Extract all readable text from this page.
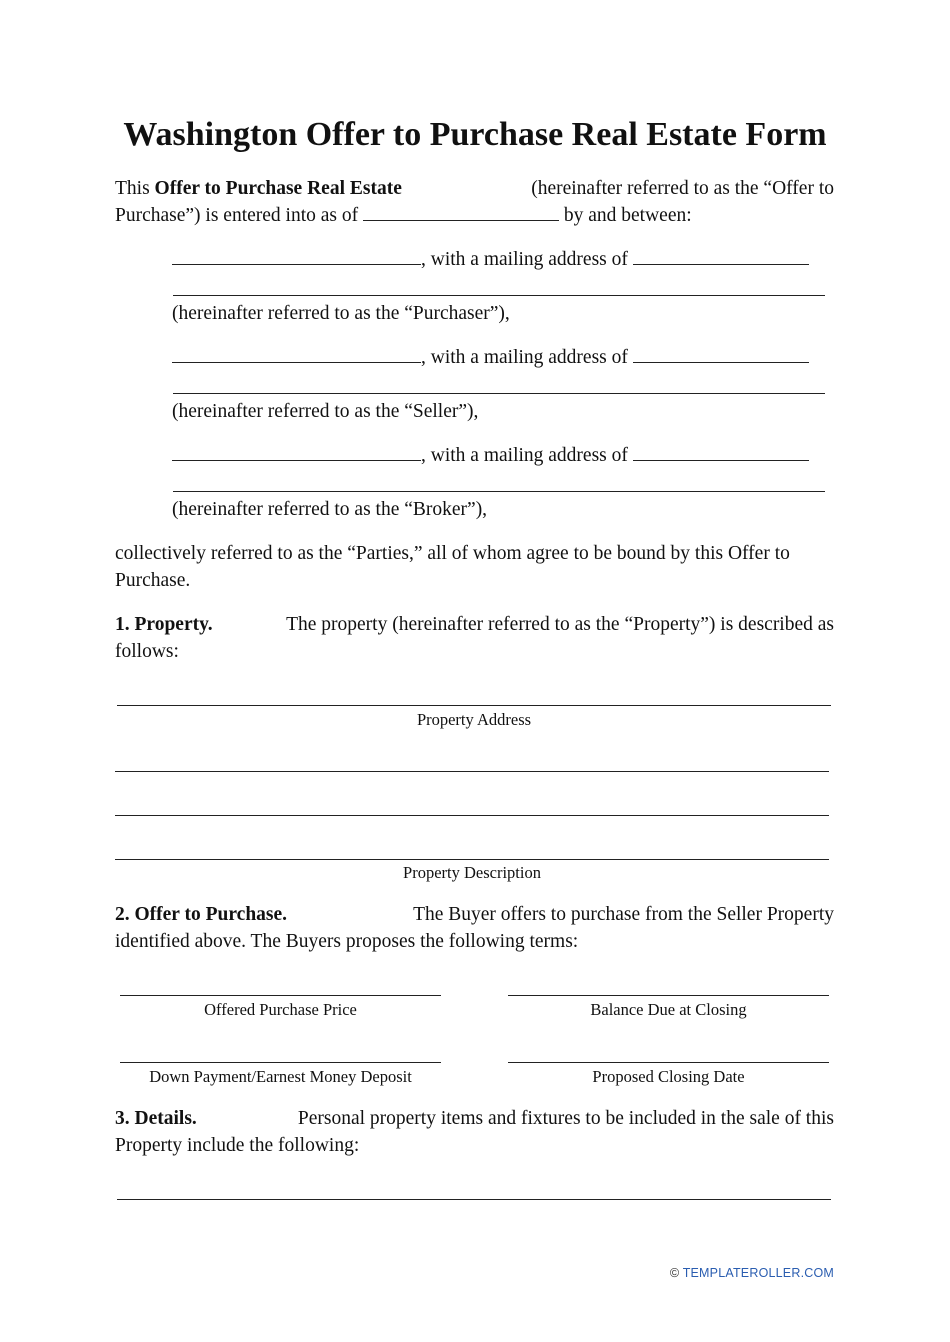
Washington Offer to Purchase Real Estate Form
This Offer to Purchase Real Estate	(hereinafter referred to as the “Offer to
Purchase”) is entered into as of	by and between:
, with a mailing address of
(hereinafter referred to as the “Purchaser”),
, with a mailing address of
(hereinafter referred to as the “Seller”),
, with a mailing address of
(hereinafter referred to as the “Broker”),
collectively referred to as the “Parties,” all of whom agree to be bound by this Offer to
Purchase.
1. Property.	The property (hereinafter referred to as the “Property”) is described as
follows:
Property Address
Property Description
2. Offer to Purchase.	The Buyer offers to purchase from the Seller Property
identified above. The Buyers proposes the following terms:
Offered Purchase Price	Balance Due at Closing
Down Payment/Earnest Money Deposit	Proposed Closing Date
3. Details.	Personal property items and fixtures to be included in the sale of this
Property include the following:
© TEMPLATEROLLER.COM
